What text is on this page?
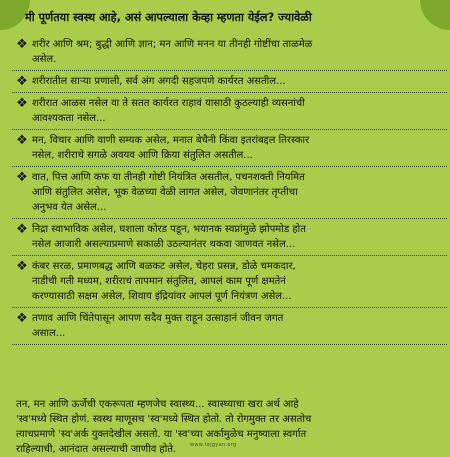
मी पूर्णतया स्वस्थ आहे, असं आपल्याला केव्हा म्हणता येईल? ज्यावेळी
❖ शरीर आणि श्रम; बुद्धी आणि ज्ञान; मन आणि मनन या तीनही गोष्टींचा ताळमेळ
असेल.
❖ शरीरातील साऱ्या प्रणाली, सर्व अंग अगदी सहजपणे कार्यरत असतील...
❖ शरीरात आळस नसेल वा ते सतत कार्यरत राहावं यासाठी कुठल्याही व्यसनांची
आवश्यकता नसेल...
❖ मन, विचार आणि वाणी सम्यक असेल, मनात बेचैनी किंवा इतरांबद्दल तिरस्कार
नसेल, शरीराचे सगळे अवयव आणि क्रिया संतुलित असतील...
❖ वात, पित्त आणि कफ या तीनही गोष्टी नियंत्रित असतील, पचनशक्ती नियमित
आणि संतुलित असेल, भूक वेळच्या वेळी लागत असेल, जेवणानंतर तृप्तीचा
अनुभव येत असेल...
❖ निद्रा स्वाभाविक असेल, घशाला कोरड पडून, भयानक स्वप्नांमुळे झोपमोड होत
नसेल आजारी असल्याप्रमाणे सकाळी उठल्यानंतर थकवा जाणवत नसेल...
❖ कंबर सरळ, प्रमाणबद्ध आणि बळकट असेल, चेहरा प्रसन्न, डोळे चमकदार,
नाडीची गती मध्यम, शरीराचं तापमान संतुलित, आपलं काम पूर्ण क्षमतेनं
करण्यासाठी सक्षम असेल, शिवाय इंद्रियांवर आपलं पूर्ण नियंत्रण असेल...
❖ तणाव आणि चिंतेपासून आपण सदैव मुक्त राहून उत्साहानं जीवन जगत
असाल...
तन, मन आणि ऊर्जेची एकरूपता म्हणजेच स्वास्थ्य... स्वास्थ्याचा खरा अर्थ आहे
'स्व'मध्ये स्थित होणं. स्वस्थ माणूसच 'स्व'मध्ये स्थित होतो. तो रोगमुक्त तर असतोच
त्याचप्रमाणे 'स्व'अर्क युक्तदेखील असतो. या 'स्व'च्या अर्कामुळेच मनुष्याला स्वर्गात
राहिल्याची, आनंदात असल्याची जाणीव होते.	www.tejgyan.org
